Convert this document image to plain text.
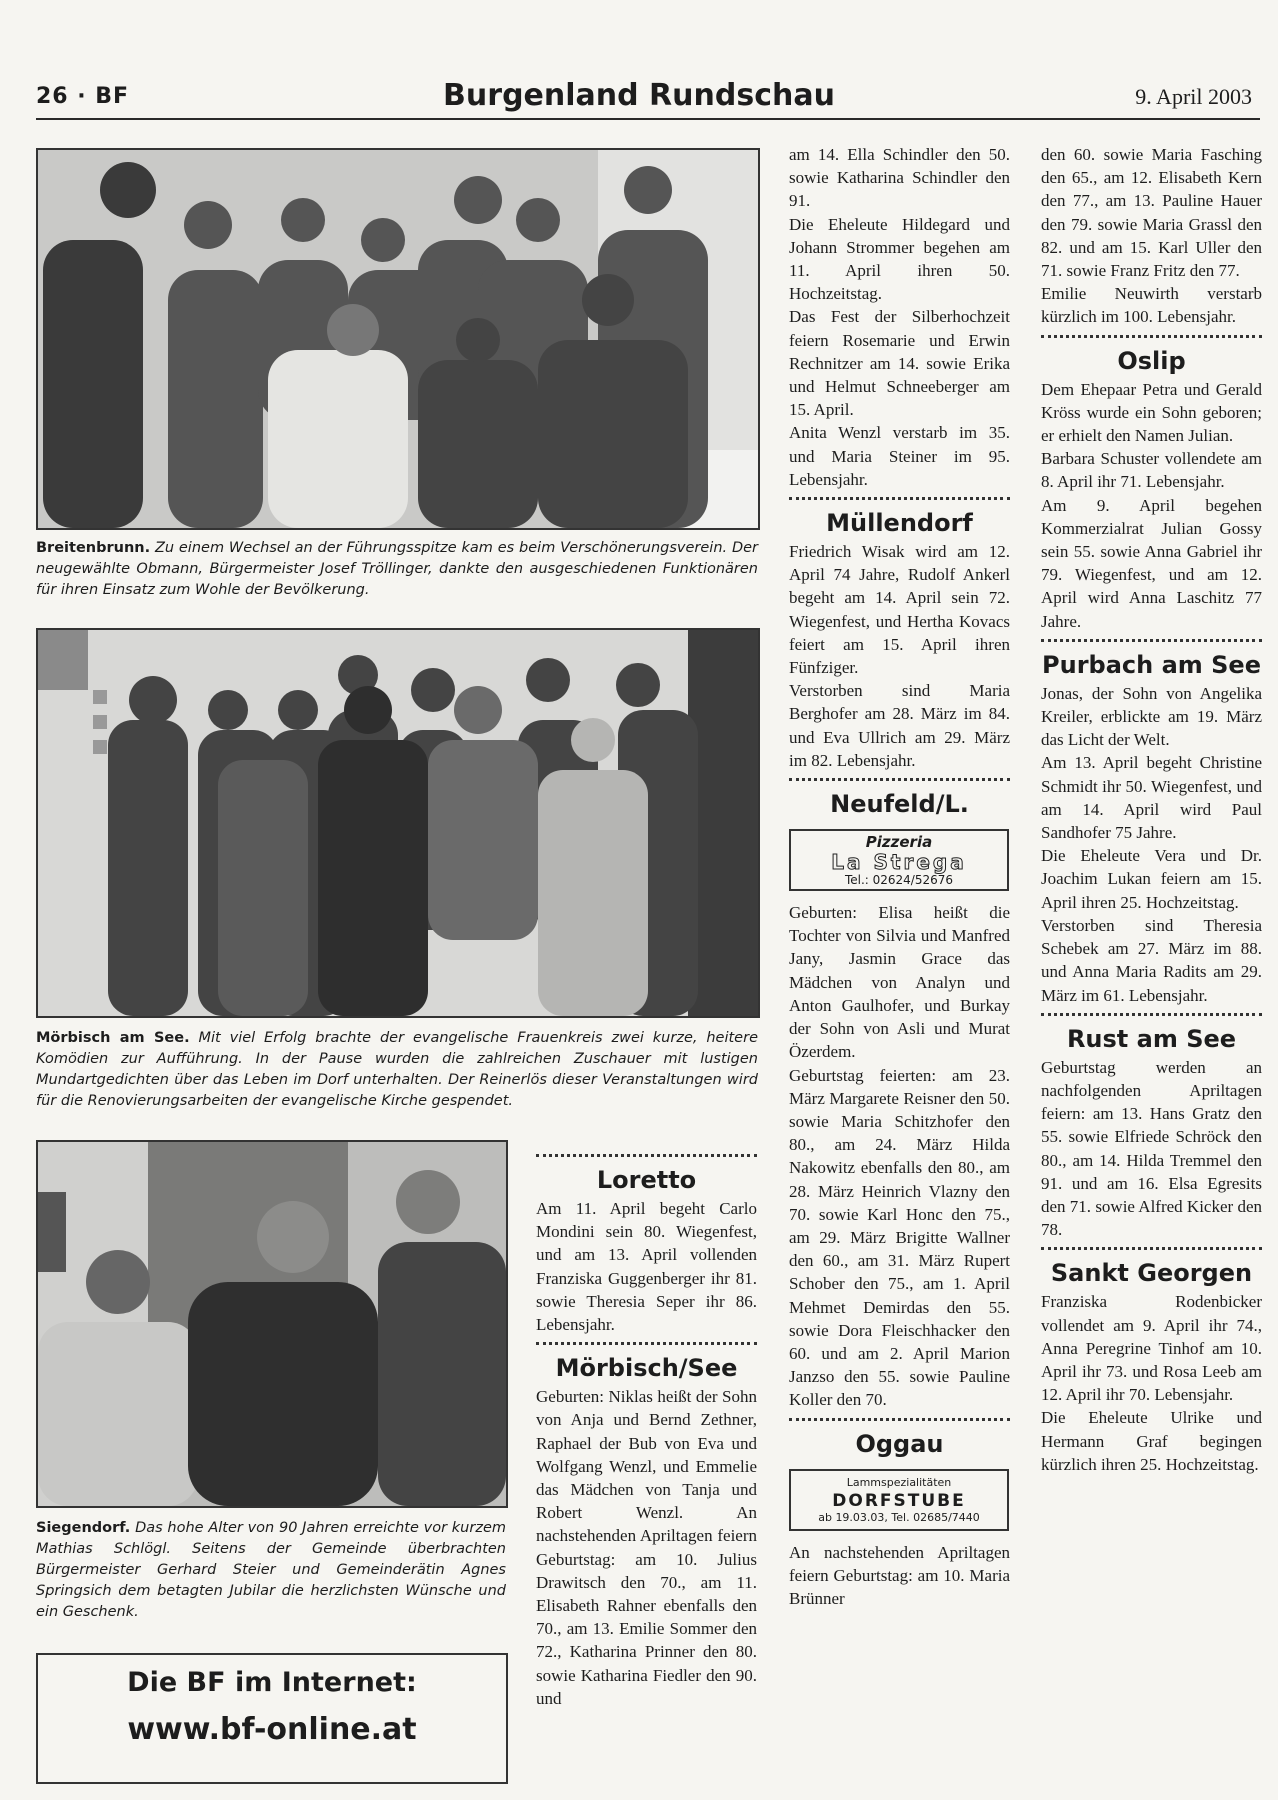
26 · BF	Burgenland Rundschau	9. April 2003
Breitenbrunn. Zu einem Wechsel an der Führungsspitze kam es beim Verschönerungsverein. Der neugewählte Obmann, Bürgermeister Josef Tröllinger, dankte den ausgeschiedenen Funktionären für ihren Einsatz zum Wohle der Bevölkerung.
Mörbisch am See. Mit viel Erfolg brachte der evangelische Frauenkreis zwei kurze, heitere Komödien zur Aufführung. In der Pause wurden die zahlreichen Zuschauer mit lustigen Mundartgedichten über das Leben im Dorf unterhalten. Der Reinerlös dieser Veranstaltungen wird für die Renovierungsarbeiten der evangelische Kirche gespendet.
Siegendorf. Das hohe Alter von 90 Jahren erreichte vor kurzem Mathias Schlögl. Seitens der Gemeinde überbrachten Bürgermeister Gerhard Steier und Gemeinderätin Agnes Springsich dem betagten Jubilar die herzlichsten Wünsche und ein Geschenk.
Die BF im Internet:
www.bf-online.at
Loretto

Am 11. April begeht Carlo Mondini sein 80. Wiegenfest, und am 13. April vollenden Franziska Guggenberger ihr 81. sowie Theresia Seper ihr 86. Lebensjahr.

Mörbisch/See

Geburten: Niklas heißt der Sohn von Anja und Bernd Zethner, Raphael der Bub von Eva und Wolfgang Wenzl, und Emmelie das Mädchen von Tanja und Robert Wenzl. An nachstehenden Apriltagen feiern Geburtstag: am 10. Julius Drawitsch den 70., am 11. Elisabeth Rahner ebenfalls den 70., am 13. Emilie Sommer den 72., Katharina Prinner den 80. sowie Katharina Fiedler den 90. und

am 14. Ella Schindler den 50. sowie Katharina Schindler den 91.

Die Eheleute Hildegard und Johann Strommer begehen am 11. April ihren 50. Hochzeitstag.

Das Fest der Silberhochzeit feiern Rosemarie und Erwin Rechnitzer am 14. sowie Erika und Helmut Schneeberger am 15. April.

Anita Wenzl verstarb im 35. und Maria Steiner im 95. Lebensjahr.

Müllendorf

Friedrich Wisak wird am 12. April 74 Jahre, Rudolf Ankerl begeht am 14. April sein 72. Wiegenfest, und Hertha Kovacs feiert am 15. April ihren Fünfziger.

Verstorben sind Maria Berghofer am 28. März im 84. und Eva Ullrich am 29. März im 82. Lebensjahr.

Neufeld/L.
Pizzeria
La Strega
Tel.: 02624/52676

Geburten: Elisa heißt die Tochter von Silvia und Manfred Jany, Jasmin Grace das Mädchen von Analyn und Anton Gaulhofer, und Burkay der Sohn von Asli und Murat Özerdem.

Geburtstag feierten: am 23. März Margarete Reisner den 50. sowie Maria Schitzhofer den 80., am 24. März Hilda Nakowitz ebenfalls den 80., am 28. März Heinrich Vlazny den 70. sowie Karl Honc den 75., am 29. März Brigitte Wallner den 60., am 31. März Rupert Schober den 75., am 1. April Mehmet Demirdas den 55. sowie Dora Fleischhacker den 60. und am 2. April Marion Janzso den 55. sowie Pauline Koller den 70.

Oggau
Lammspezialitäten
DORFSTUBE
ab 19.03.03, Tel. 02685/7440

An nachstehenden Apriltagen feiern Geburtstag: am 10. Maria Brünner

den 60. sowie Maria Fasching den 65., am 12. Elisabeth Kern den 77., am 13. Pauline Hauer den 79. sowie Maria Grassl den 82. und am 15. Karl Uller den 71. sowie Franz Fritz den 77.

Emilie Neuwirth verstarb kürzlich im 100. Lebensjahr.

Oslip

Dem Ehepaar Petra und Gerald Kröss wurde ein Sohn geboren; er erhielt den Namen Julian.

Barbara Schuster vollendete am 8. April ihr 71. Lebensjahr.

Am 9. April begehen Kommerzialrat Julian Gossy sein 55. sowie Anna Gabriel ihr 79. Wiegenfest, und am 12. April wird Anna Laschitz 77 Jahre.

Purbach am See

Jonas, der Sohn von Angelika Kreiler, erblickte am 19. März das Licht der Welt.

Am 13. April begeht Christine Schmidt ihr 50. Wiegenfest, und am 14. April wird Paul Sandhofer 75 Jahre.

Die Eheleute Vera und Dr. Joachim Lukan feiern am 15. April ihren 25. Hochzeitstag.

Verstorben sind Theresia Schebek am 27. März im 88. und Anna Maria Radits am 29. März im 61. Lebensjahr.

Rust am See

Geburtstag werden an nachfolgenden Apriltagen feiern: am 13. Hans Gratz den 55. sowie Elfriede Schröck den 80., am 14. Hilda Tremmel den 91. und am 16. Elsa Egresits den 71. sowie Alfred Kicker den 78.

Sankt Georgen

Franziska Rodenbicker vollendet am 9. April ihr 74., Anna Peregrine Tinhof am 10. April ihr 73. und Rosa Leeb am 12. April ihr 70. Lebensjahr.

Die Eheleute Ulrike und Hermann Graf begingen kürzlich ihren 25. Hochzeitstag.
